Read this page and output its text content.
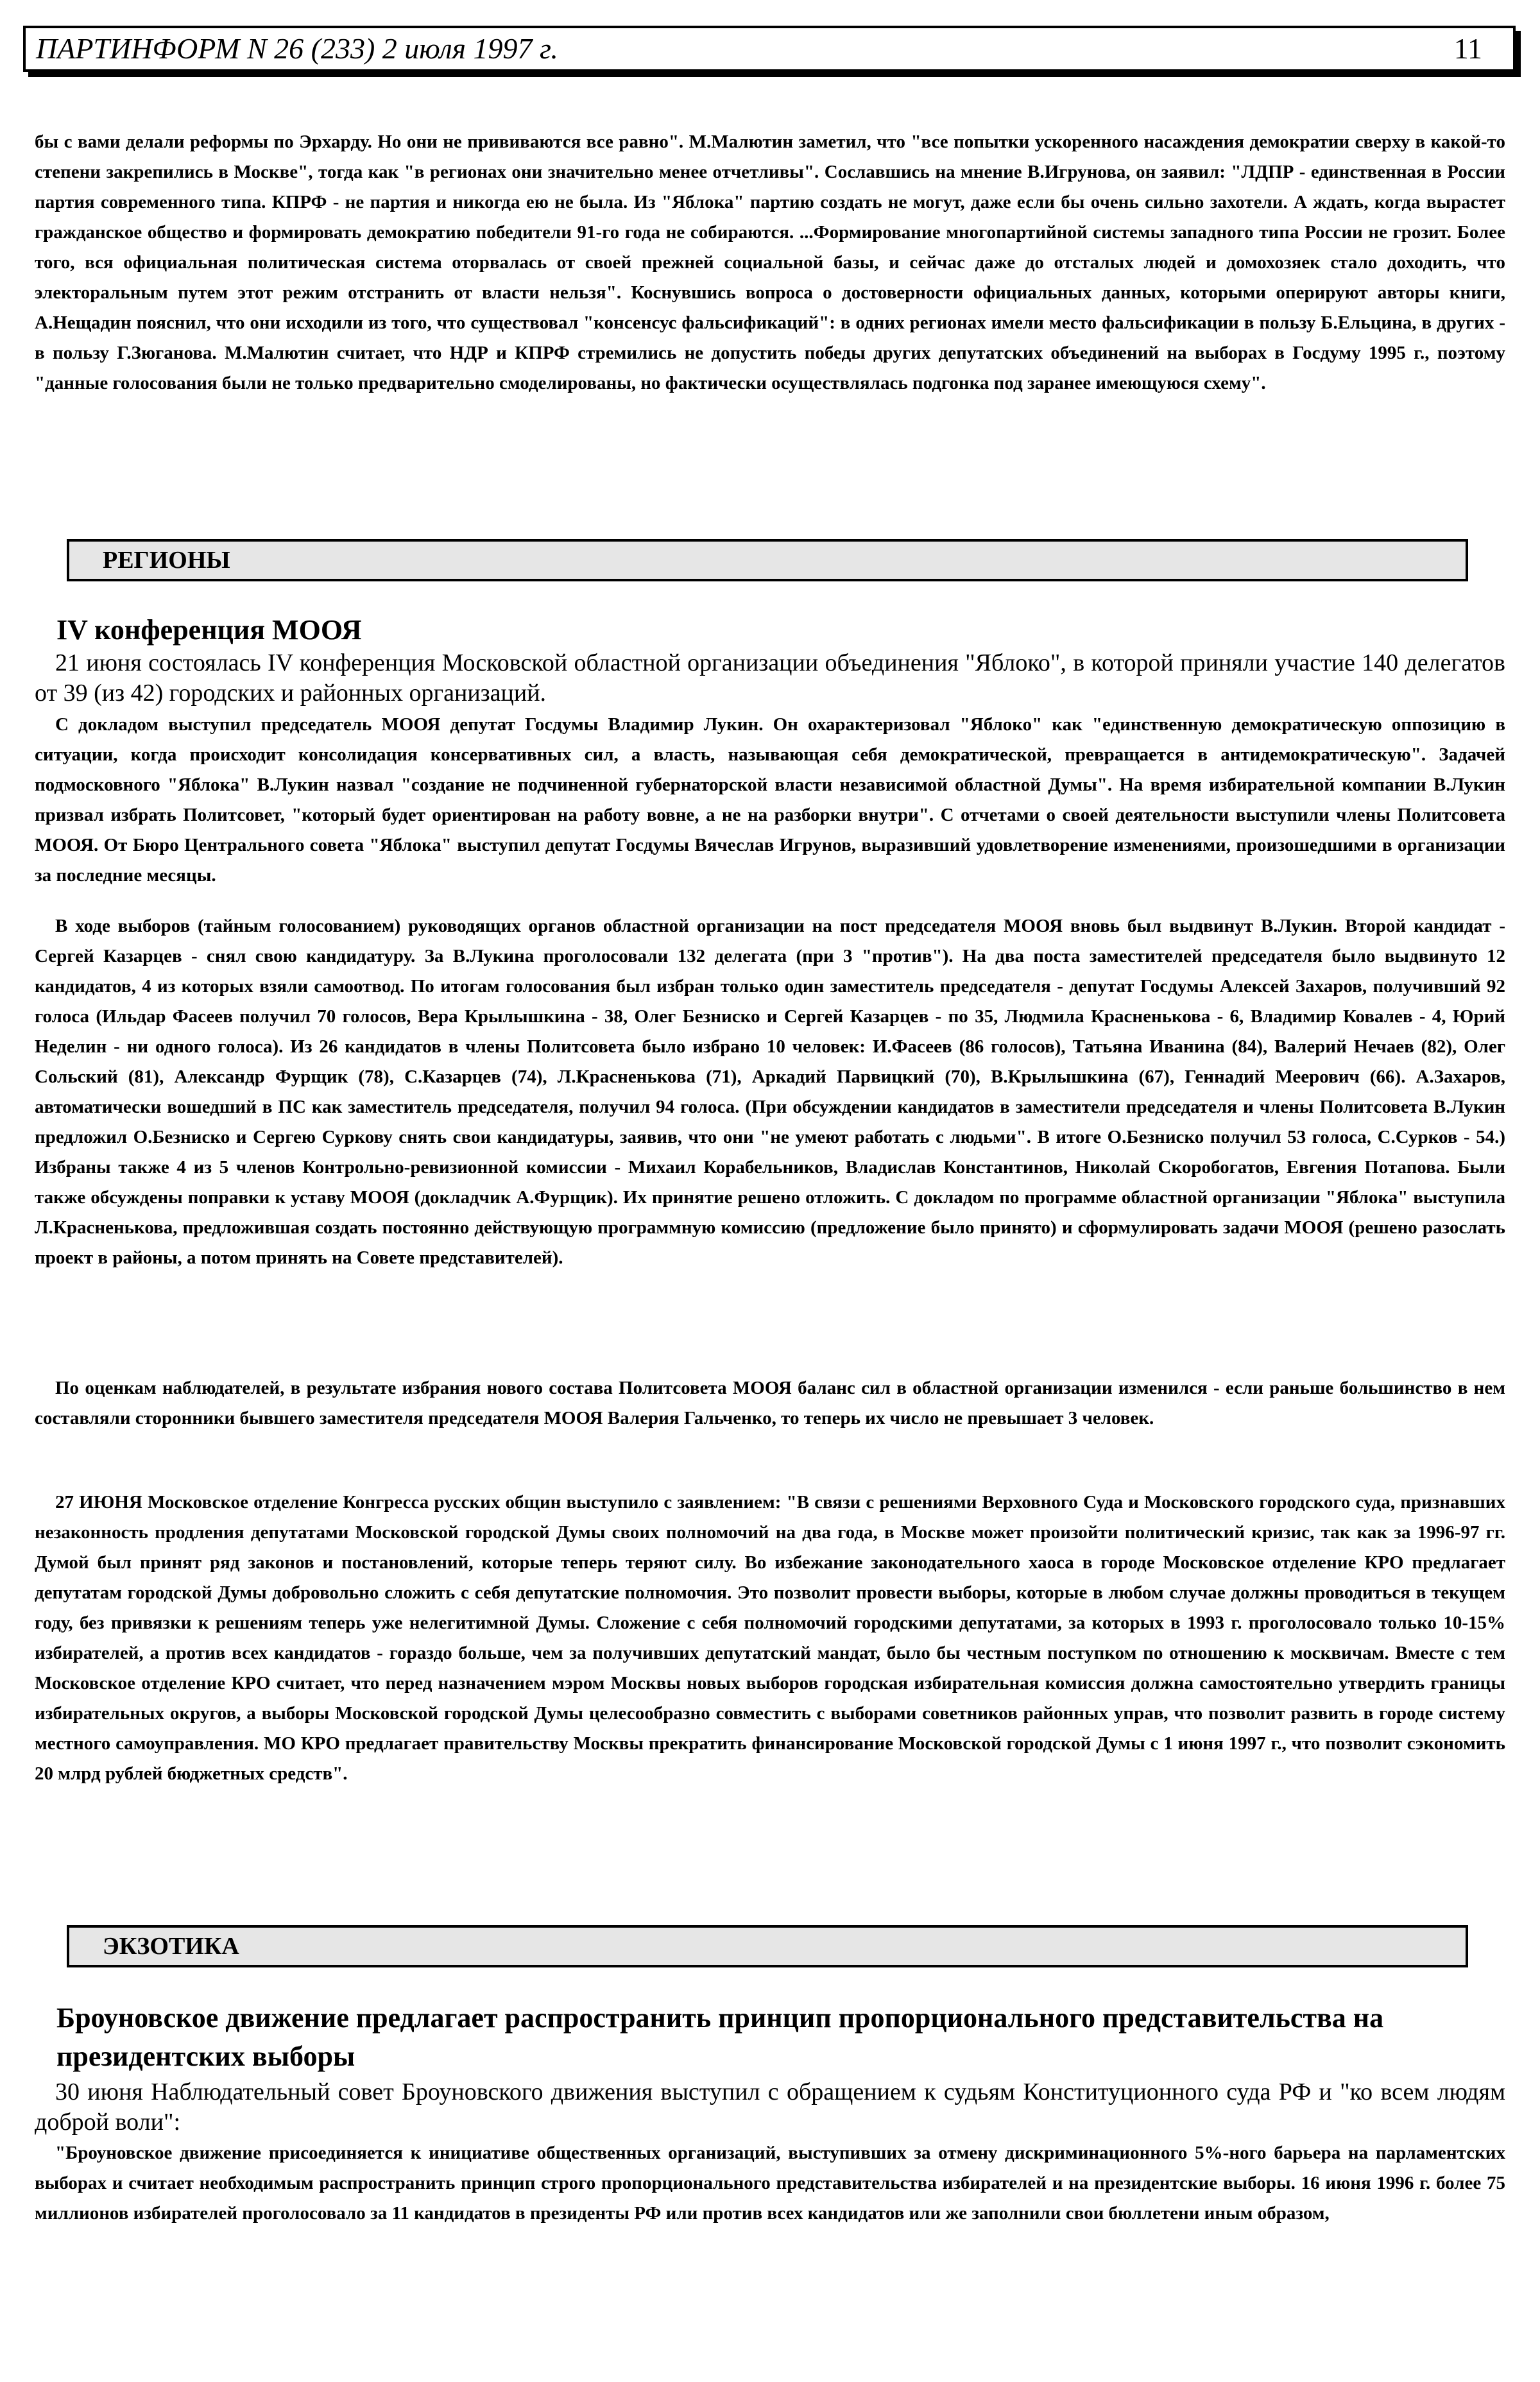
ПАРТИНФОРМ N 26 (233) 2 июля 1997 г.	11

бы с вами делали реформы по Эрхарду. Но они не прививаются все равно". М.Малютин заметил, что "все попытки ускоренного насаждения демократии сверху в какой-то степени закрепились в Москве", тогда как "в регионах они значительно менее отчетливы". Сославшись на мнение В.Игрунова, он заявил: "ЛДПР - единственная в России партия современного типа. КПРФ - не партия и никогда ею не была. Из "Яблока" партию создать не могут, даже если бы очень сильно захотели. А ждать, когда вырастет гражданское общество и формировать демократию победители 91-го года не собираются. ...Формирование многопартийной системы западного типа России не грозит. Более того, вся официальная политическая система оторвалась от своей прежней социальной базы, и сейчас даже до отсталых людей и домохозяек стало доходить, что электоральным путем этот режим отстранить от власти нельзя". Коснувшись вопроса о достоверности официальных данных, которыми оперируют авторы книги, А.Нещадин пояснил, что они исходили из того, что существовал "консенсус фальсификаций": в одних регионах имели место фальсификации в пользу Б.Ельцина, в других - в пользу Г.Зюганова. М.Малютин считает, что НДР и КПРФ стремились не допустить победы других депутатских объединений на выборах в Госдуму 1995 г., поэтому "данные голосования были не только предварительно смоделированы, но фактически осуществлялась подгонка под заранее имеющуюся схему".

РЕГИОНЫ
IV конференция МООЯ

21 июня состоялась IV конференция Московской областной организации объединения "Яблоко", в которой приняли участие 140 делегатов от 39 (из 42) городских и районных организаций.

С докладом выступил председатель МООЯ депутат Госдумы Владимир Лукин. Он охарактеризовал "Яблоко" как "единственную демократическую оппозицию в ситуации, когда происходит консолидация консервативных сил, а власть, называющая себя демократической, превращается в антидемократическую". Задачей подмосковного "Яблока" В.Лукин назвал "создание не подчиненной губернаторской власти независимой областной Думы". На время избирательной компании В.Лукин призвал избрать Политсовет, "который будет ориентирован на работу вовне, а не на разборки внутри". С отчетами о своей деятельности выступили члены Политсовета МООЯ. От Бюро Центрального совета "Яблока" выступил депутат Госдумы Вячеслав Игрунов, выразивший удовлетворение изменениями, произошедшими в организации за последние месяцы.

В ходе выборов (тайным голосованием) руководящих органов областной организации на пост председателя МООЯ вновь был выдвинут В.Лукин. Второй кандидат - Сергей Казарцев - снял свою кандидатуру. За В.Лукина проголосовали 132 делегата (при 3 "против"). На два поста заместителей председателя было выдвинуто 12 кандидатов, 4 из которых взяли самоотвод. По итогам голосования был избран только один заместитель председателя - депутат Госдумы Алексей Захаров, получивший 92 голоса (Ильдар Фасеев получил 70 голосов, Вера Крылышкина - 38, Олег Безниско и Сергей Казарцев - по 35, Людмила Красненькова - 6, Владимир Ковалев - 4, Юрий Неделин - ни одного голоса). Из 26 кандидатов в члены Политсовета было избрано 10 человек: И.Фасеев (86 голосов), Татьяна Иванина (84), Валерий Нечаев (82), Олег Сольский (81), Александр Фурщик (78), С.Казарцев (74), Л.Красненькова (71), Аркадий Парвицкий (70), В.Крылышкина (67), Геннадий Меерович (66). А.Захаров, автоматически вошедший в ПС как заместитель председателя, получил 94 голоса. (При обсуждении кандидатов в заместители председателя и члены Политсовета В.Лукин предложил О.Безниско и Сергею Суркову снять свои кандидатуры, заявив, что они "не умеют работать с людьми". В итоге О.Безниско получил 53 голоса, С.Сурков - 54.) Избраны также 4 из 5 членов Контрольно-ревизионной комиссии - Михаил Корабельников, Владислав Константинов, Николай Скоробогатов, Евгения Потапова. Были также обсуждены поправки к уставу МООЯ (докладчик А.Фурщик). Их принятие решено отложить. С докладом по программе областной организации "Яблока" выступила Л.Красненькова, предложившая создать постоянно действующую программную комиссию (предложение было принято) и сформулировать задачи МООЯ (решено разослать проект в районы, а потом принять на Совете представителей).

По оценкам наблюдателей, в результате избрания нового состава Политсовета МООЯ баланс сил в областной организации изменился - если раньше большинство в нем составляли сторонники бывшего заместителя председателя МООЯ Валерия Гальченко, то теперь их число не превышает 3 человек.

27 ИЮНЯ Московское отделение Конгресса русских общин выступило с заявлением: "В связи с решениями Верховного Суда и Московского городского суда, признавших незаконность продления депутатами Московской городской Думы своих полномочий на два года, в Москве может произойти политический кризис, так как за 1996-97 гг. Думой был принят ряд законов и постановлений, которые теперь теряют силу. Во избежание законодательного хаоса в городе Московское отделение КРО предлагает депутатам городской Думы добровольно сложить с себя депутатские полномочия. Это позволит провести выборы, которые в любом случае должны проводиться в текущем году, без привязки к решениям теперь уже нелегитимной Думы. Сложение с себя полномочий городскими депутатами, за которых в 1993 г. проголосовало только 10-15% избирателей, а против всех кандидатов - гораздо больше, чем за получивших депутатский мандат, было бы честным поступком по отношению к москвичам. Вместе с тем Московское отделение КРО считает, что перед назначением мэром Москвы новых выборов городская избирательная комиссия должна самостоятельно утвердить границы избирательных округов, а выборы Московской городской Думы целесообразно совместить с выборами советников районных управ, что позволит развить в городе систему местного самоуправления. МО КРО предлагает правительству Москвы прекратить финансирование Московской городской Думы с 1 июня 1997 г., что позволит сэкономить 20 млрд рублей бюджетных средств".

ЭКЗОТИКА
Броуновское движение предлагает распространить принцип пропорционального представительства на президентских выборы

30 июня Наблюдательный совет Броуновского движения выступил с обращением к судьям Конституционного суда РФ и "ко всем людям доброй воли":

"Броуновское движение присоединяется к инициативе общественных организаций, выступивших за отмену дискриминационного 5%-ного барьера на парламентских выборах и считает необходимым распространить принцип строго пропорционального представительства избирателей и на президентские выборы. 16 июня 1996 г. более 75 миллионов избирателей проголосовало за 11 кандидатов в президенты РФ или против всех кандидатов или же заполнили свои бюллетени иным образом,
